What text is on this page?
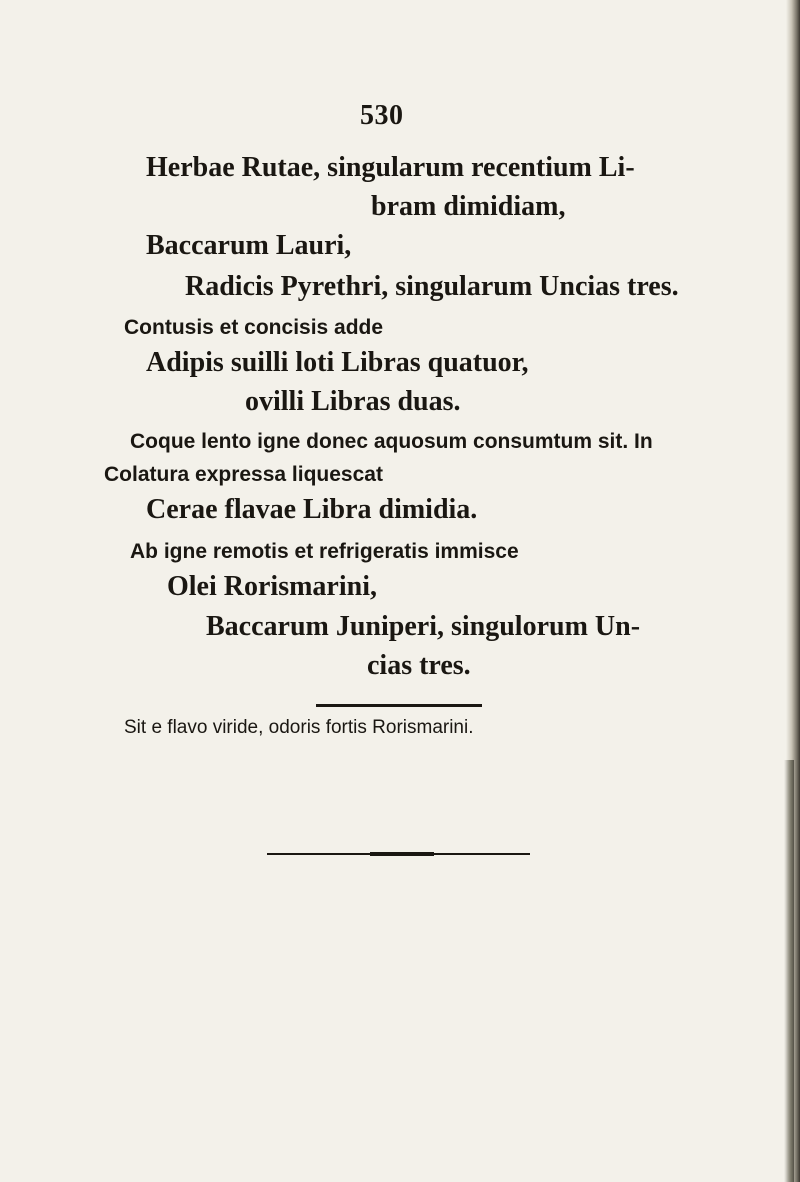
530
Herbae Rutae, singularum recentium Li-
bram dimidiam,
Baccarum Lauri,
Radicis Pyrethri, singularum Uncias tres.
Contusis et concisis adde
Adipis suilli loti Libras quatuor,
ovilli Libras duas.
Coque lento igne donec aquosum consumtum sit. In
Colatura expressa liquescat
Cerae flavae Libra dimidia.
Ab igne remotis et refrigeratis immisce
Olei Rorismarini,
Baccarum Juniperi, singulorum Un-
cias tres.
Sit e flavo viride, odoris fortis Rorismarini.
